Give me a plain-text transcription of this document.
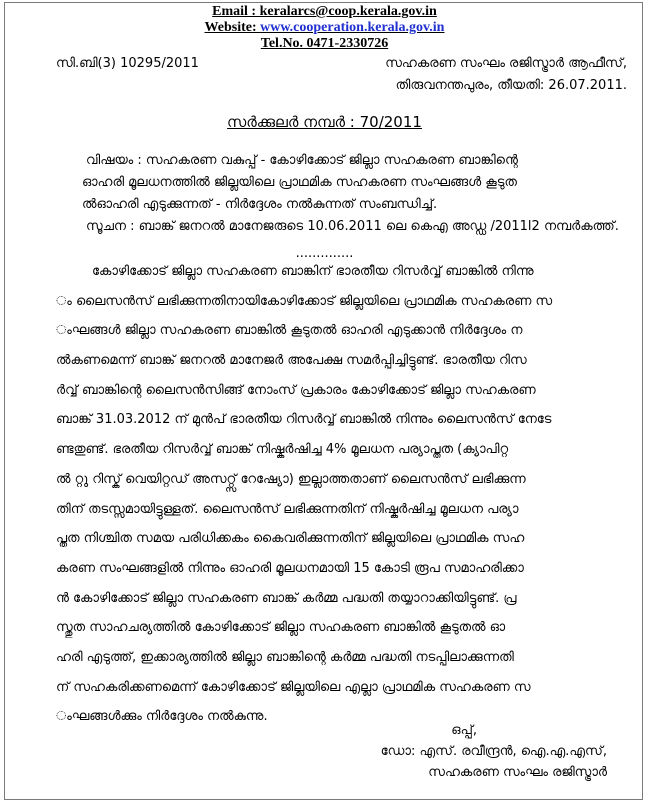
Email : keralarcs@coop.kerala.gov.in
Website: www.cooperation.kerala.gov.in
Tel.No. 0471-2330726
സി.ബി(3) 10295/2011	സഹകരണ സംഘം രജിസ്ട്രാർ ആഫീസ്,
തിരുവനന്തപുരം, തീയതി: 26.07.2011.
സർക്കുലർ നമ്പർ : 70/2011
വിഷയം : സഹകരണ വകുപ്പ് - കോഴിക്കോട് ജില്ലാ സഹകരണ ബാങ്കിന്റെ
ഓഹരി മൂലധനത്തിൽ ജില്ലയിലെ പ്രാഥമിക സഹകരണ സംഘങ്ങൾ കൂടുത
ൽഓഹരി എടുക്കുന്നത് - നിർദ്ദേശം നൽകുന്നത് സംബന്ധിച്ച്.
സൂചന : ബാങ്ക് ജനറൽ മാനേജരുടെ 10.06.2011 ലെ കെഎ അഡ്ഡ /2011l2 നമ്പർകത്ത്.
..............
കോഴിക്കോട് ജില്ലാ സഹകരണ ബാങ്കിന് ഭാരതീയ റിസർവ്വ് ബാങ്കിൽ നിന്നു
ം ലൈസൻസ് ലഭിക്കുന്നതിനായികോഴിക്കോട് ജില്ലയിലെ പ്രാഥമിക സഹകരണ സ
ംഘങ്ങൾ ജില്ലാ സഹകരണ ബാങ്കിൽ കൂടുതൽ ഓഹരി എടുക്കാൻ നിർദ്ദേശം ന
ൽകണമെന്ന് ബാങ്ക് ജനറൽ മാനേജർ അപേക്ഷ സമർപ്പിച്ചിട്ടുണ്ട്. ഭാരതീയ റിസ
ർവ്വ് ബാങ്കിന്റെ ലൈസൻസിങ്ങ് നോംസ് പ്രകാരം കോഴിക്കോട് ജില്ലാ സഹകരണ
ബാങ്ക് 31.03.2012 ന് മുൻപ് ഭാരതീയ റിസർവ്വ് ബാങ്കിൽ നിന്നും ലൈസൻസ് നേടേ
ണ്ടതുണ്ട്. ഭരതീയ റിസർവ്വ് ബാങ്ക് നിഷ്കർഷിച്ച 4% മൂലധന പര്യാപ്തത (ക്യാപിറ്റ
ൽ റ്റു റിസ്ക് വെയിറ്റഡ് അസറ്റ്സ് റേഷ്യോ) ഇല്ലാത്തതാണ് ലൈസൻസ് ലഭിക്കുന്ന
തിന് തടസ്സമായിട്ടുള്ളത്. ലൈസൻസ് ലഭിക്കുന്നതിന് നിഷ്കർഷിച്ച മൂലധന പര്യാ
പ്തത നിശ്ചിത സമയ പരിധിക്കകം കൈവരിക്കുന്നതിന് ജില്ലയിലെ പ്രാഥമിക സഹ
കരണ സംഘങ്ങളിൽ നിന്നും ഓഹരി മൂലധനമായി 15 കോടി രൂപ സമാഹരിക്കാ
ൻ കോഴിക്കോട് ജില്ലാ സഹകരണ ബാങ്ക് കർമ്മ പദ്ധതി തയ്യാറാക്കിയിട്ടുണ്ട്. പ്ര
സ്തുത സാഹചര്യത്തിൽ കോഴിക്കോട് ജില്ലാ സഹകരണ ബാങ്കിൽ കൂടുതൽ ഓ
ഹരി എടുത്ത്, ഇക്കാര്യത്തിൽ ജില്ലാ ബാങ്കിന്റെ കർമ്മ പദ്ധതി നടപ്പിലാക്കുന്നതി
ന് സഹകരിക്കണമെന്ന് കോഴിക്കോട് ജില്ലയിലെ എല്ലാ പ്രാഥമിക സഹകരണ സ
ംഘങ്ങൾക്കും നിർദ്ദേശം നൽകുന്നു.
ഒപ്പ്,
ഡോ: എസ്. രവീന്ദ്രൻ, ഐ.എ.എസ്,
സഹകരണ സംഘം രജിസ്ട്രാർ
